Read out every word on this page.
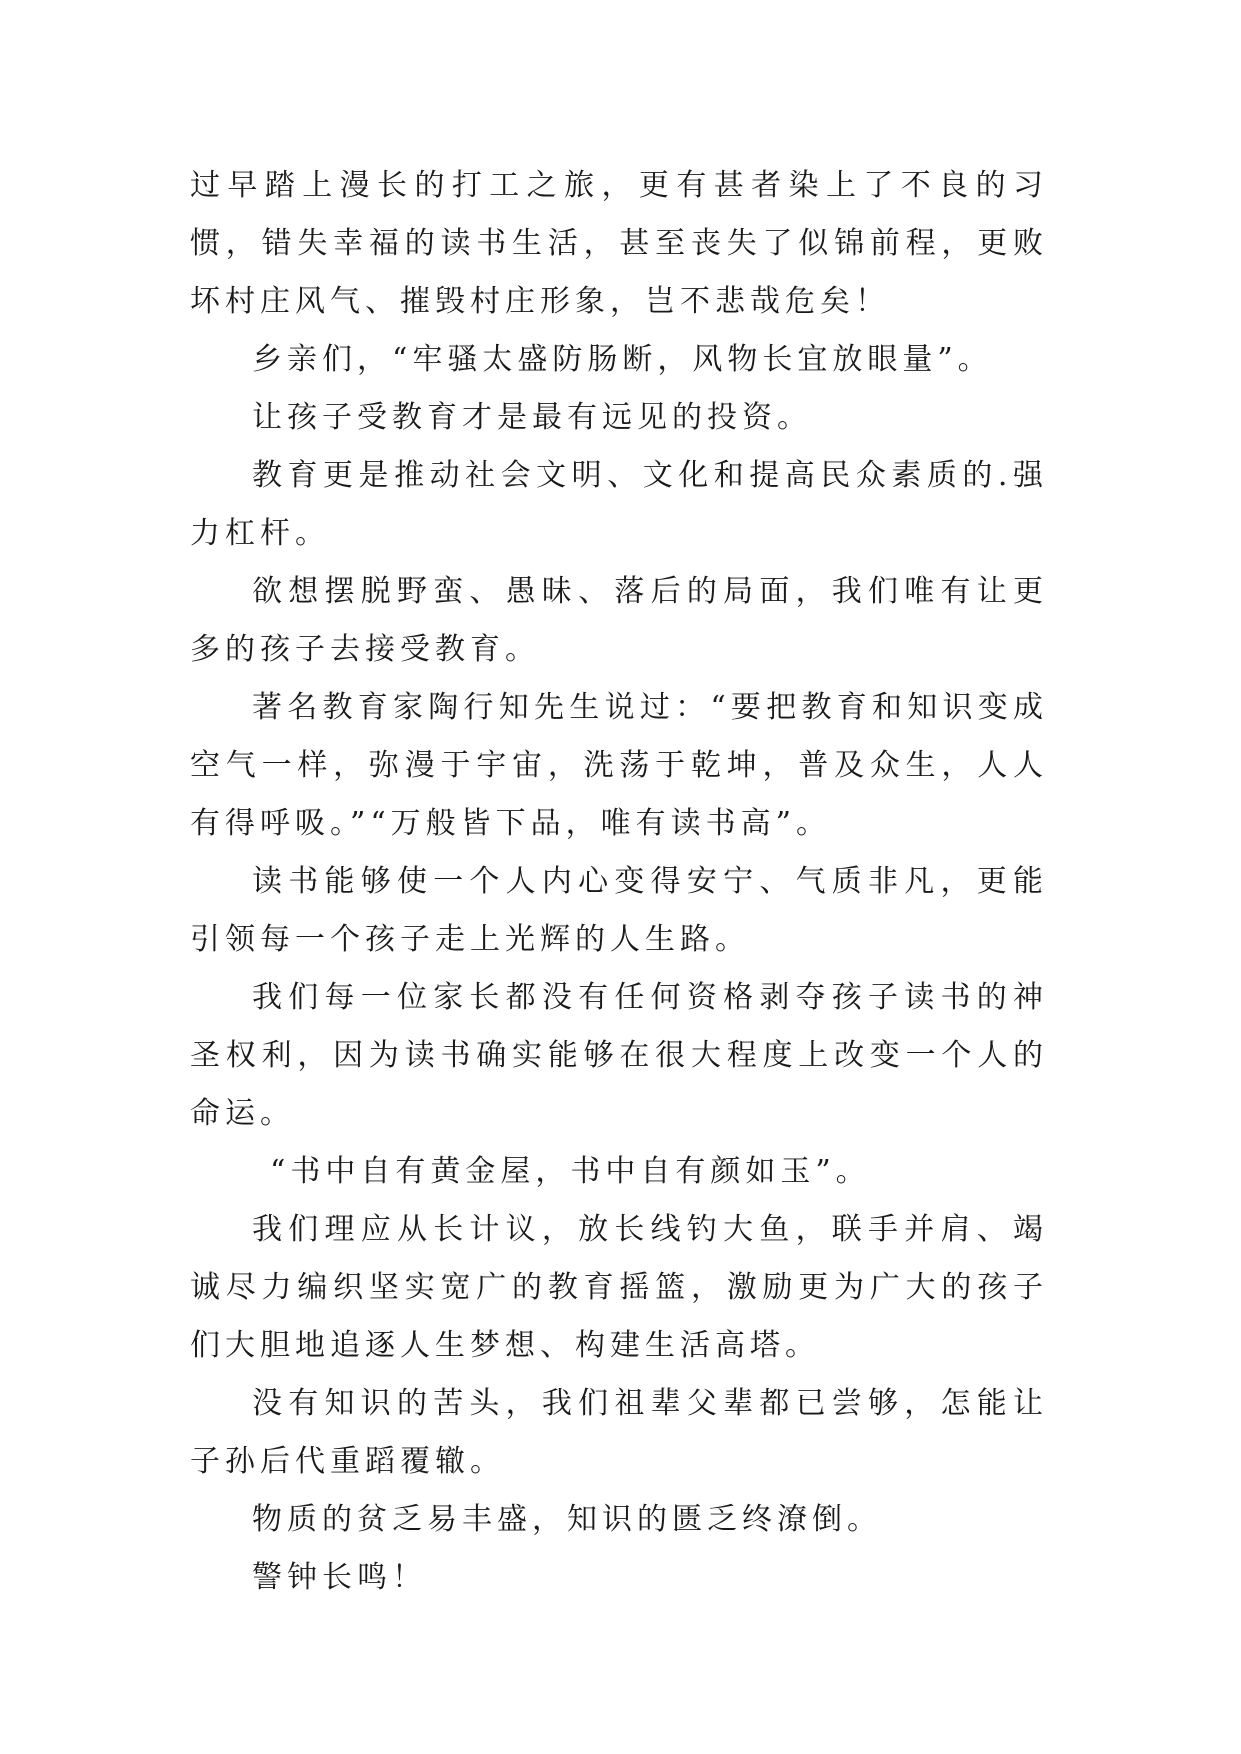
过早踏上漫长的打工之旅，更有甚者染上了不良的习惯，错失幸福的读书生活，甚至丧失了似锦前程，更败坏村庄风气、摧毁村庄形象，岂不悲哉危矣！

乡亲们，“牢骚太盛防肠断，风物长宜放眼量”。

让孩子受教育才是最有远见的投资。

教育更是推动社会文明、文化和提高民众素质的.强力杠杆。

欲想摆脱野蛮、愚昧、落后的局面，我们唯有让更多的孩子去接受教育。

著名教育家陶行知先生说过：“要把教育和知识变成空气一样，弥漫于宇宙，洗荡于乾坤，普及众生，人人有得呼吸。”“万般皆下品，唯有读书高”。

读书能够使一个人内心变得安宁、气质非凡，更能引领每一个孩子走上光辉的人生路。

我们每一位家长都没有任何资格剥夺孩子读书的神圣权利，因为读书确实能够在很大程度上改变一个人的命运。

“书中自有黄金屋，书中自有颜如玉”。

我们理应从长计议，放长线钓大鱼，联手并肩、竭诚尽力编织坚实宽广的教育摇篮，激励更为广大的孩子们大胆地追逐人生梦想、构建生活高塔。

没有知识的苦头，我们祖辈父辈都已尝够，怎能让子孙后代重蹈覆辙。

物质的贫乏易丰盛，知识的匮乏终潦倒。

警钟长鸣！
